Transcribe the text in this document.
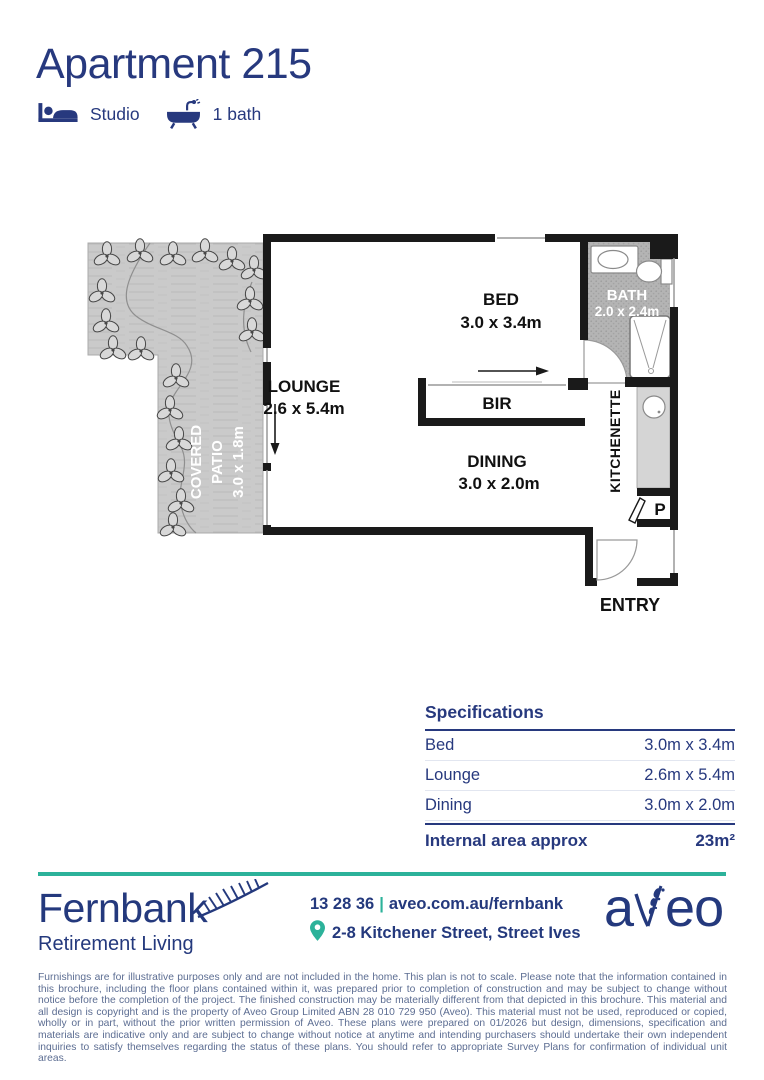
Apartment 215
Studio	1 bath
COVERED PATIO 3.0 x 1.8m
BATH
2.0 x 2.4m
KITCHENETTE
P
BIR
BED
3.0 x 3.4m
LOUNGE
2.6 x 5.4m
DINING
3.0 x 2.0m
ENTRY
Specifications
Bed	3.0m x 3.4m
Lounge	2.6m x 5.4m
Dining	3.0m x 2.0m
Internal area approx	23m²
Fernbank
Retirement Living
13 28 36 | aveo.com.au/fernbank
2-8 Kitchener Street, Street Ives a eo
Furnishings are for illustrative purposes only and are not included in the home. This plan is not to scale. Please note that the information contained in this brochure, including the floor plans contained within it, was prepared prior to completion of construction and may be subject to change without notice before the completion of the project. The finished construction may be materially different from that depicted in this brochure. This material and all design is copyright and is the property of Aveo Group Limited ABN 28 010 729 950 (Aveo). This material must not be used, reproduced or copied, wholly or in part, without the prior written permission of Aveo. These plans were prepared on 01/2026 but design, dimensions, specification and materials are indicative only and are subject to change without notice at anytime and intending purchasers should undertake their own independent inquiries to satisfy themselves regarding the status of these plans. You should refer to appropriate Survey Plans for confirmation of individual unit areas.
